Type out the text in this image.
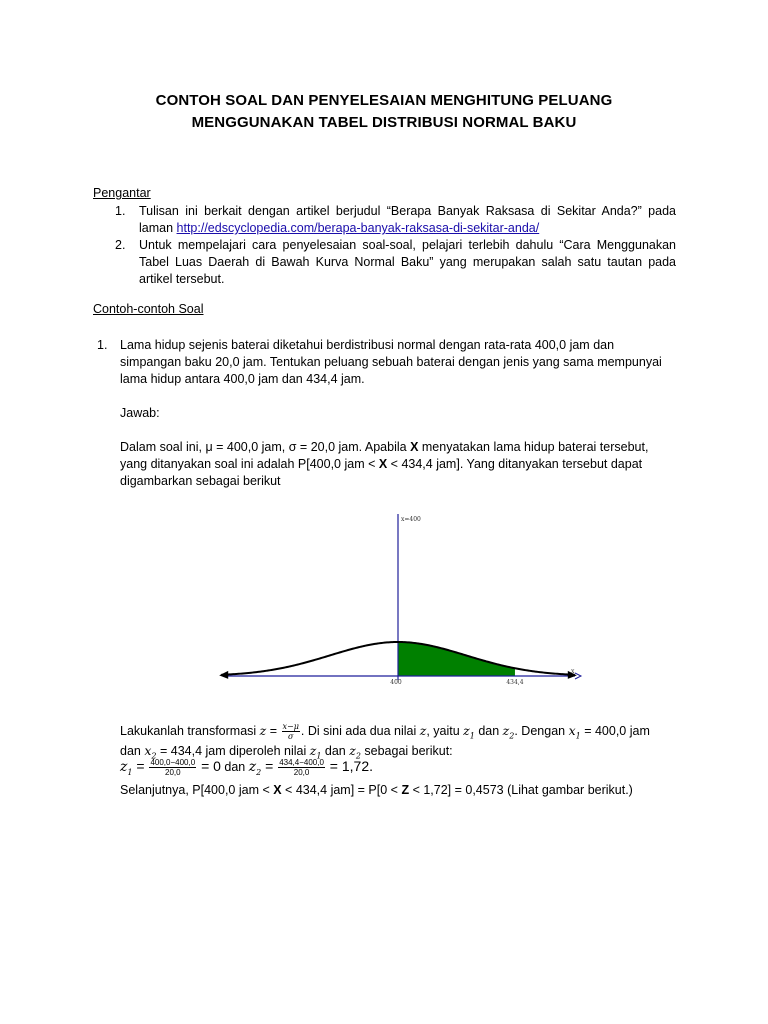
CONTOH SOAL DAN PENYELESAIAN MENGHITUNG PELUANG
MENGGUNAKAN TABEL DISTRIBUSI NORMAL BAKU
Pengantar
1. Tulisan ini berkait dengan artikel berjudul “Berapa Banyak Raksasa di Sekitar Anda?” pada laman http://edscyclopedia.com/berapa-banyak-raksasa-di-sekitar-anda/
2. Untuk mempelajari cara penyelesaian soal-soal, pelajari terlebih dahulu “Cara Menggunakan Tabel Luas Daerah di Bawah Kurva Normal Baku” yang merupakan salah satu tautan pada artikel tersebut.
Contoh-contoh Soal
1. Lama hidup sejenis baterai diketahui berdistribusi normal dengan rata-rata 400,0 jam dan simpangan baku 20,0 jam. Tentukan peluang sebuah baterai dengan jenis yang sama mempunyai lama hidup antara 400,0 jam dan 434,4 jam.

Jawab:

Dalam soal ini, μ = 400,0 jam, σ = 20,0 jam. Apabila X menyatakan lama hidup baterai tersebut, yang ditanyakan soal ini adalah P[400,0 jam < X < 434,4 jam]. Yang ditanyakan tersebut dapat digambarkan sebagai berikut

400	434,4
x=400
x
Lakukanlah transformasi $z = \frac{x-\mu}{\sigma}$ . Di sini ada dua nilai z, yaitu $z_1$ dan $z_2$. Dengan $x_1 = 400,0$ jam
dan $x_2 = 434,4$ jam diperoleh nilai $z_1$ dan $z_2$ sebagai berikut:
$z_1 = \frac{400,0-400,0}{20,0} = 0$ dan $z_2 = \frac{434,4-400,0}{20,0} = 1,72$.
Selanjutnya, P[400,0 jam < X < 434,4 jam] = P[0 < Z < 1,72] = 0,4573 (Lihat gambar berikut.)
